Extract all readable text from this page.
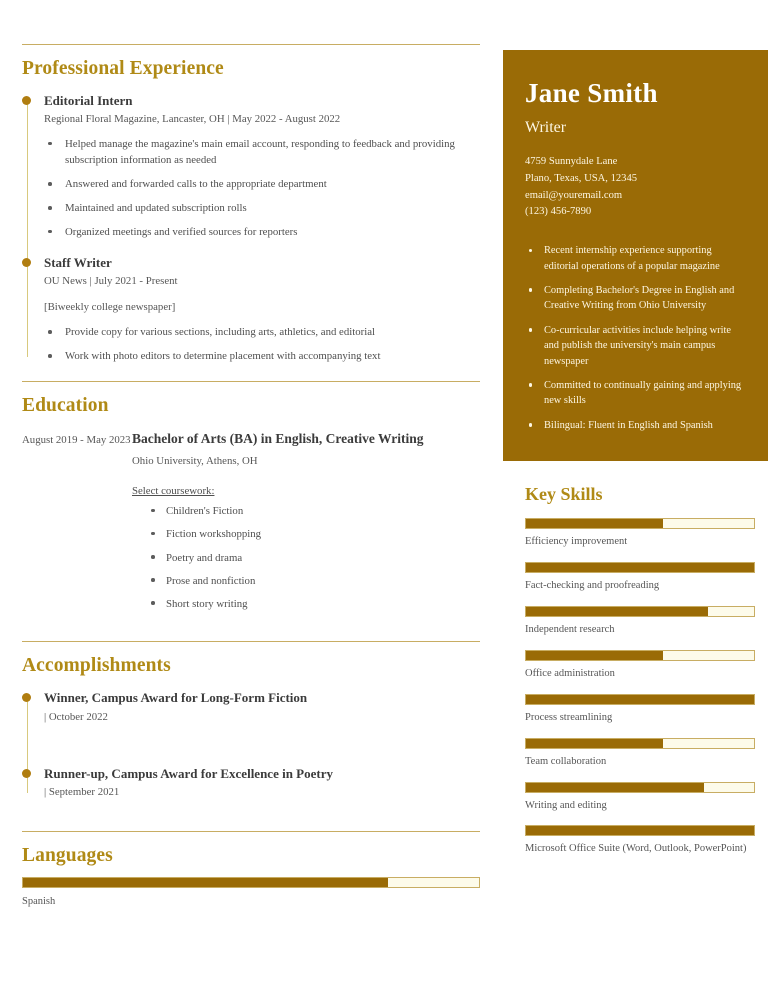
Professional Experience
Editorial Intern
Regional Floral Magazine, Lancaster, OH | May 2022 - August 2022
Helped manage the magazine's main email account, responding to feedback and providing subscription information as needed
Answered and forwarded calls to the appropriate department
Maintained and updated subscription rolls
Organized meetings and verified sources for reporters
Staff Writer
OU News | July 2021 - Present
[Biweekly college newspaper]
Provide copy for various sections, including arts, athletics, and editorial
Work with photo editors to determine placement with accompanying text
Education
August 2019 - May 2023 Bachelor of Arts (BA) in English, Creative Writing
Ohio University, Athens, OH
Select coursework:
Children's Fiction
Fiction workshopping
Poetry and drama
Prose and nonfiction
Short story writing
Accomplishments
Winner, Campus Award for Long-Form Fiction
| October 2022
Runner-up, Campus Award for Excellence in Poetry
| September 2021
Languages
Spanish
Jane Smith
Writer
4759 Sunnydale Lane
Plano, Texas, USA, 12345
email@youremail.com
(123) 456-7890
Recent internship experience supporting editorial operations of a popular magazine
Completing Bachelor's Degree in English and Creative Writing from Ohio University
Co-curricular activities include helping write and publish the university's main campus newspaper
Committed to continually gaining and applying new skills
Bilingual: Fluent in English and Spanish
Key Skills
Efficiency improvement
Fact-checking and proofreading
Independent research
Office administration
Process streamlining
Team collaboration
Writing and editing
Microsoft Office Suite (Word, Outlook, PowerPoint)
